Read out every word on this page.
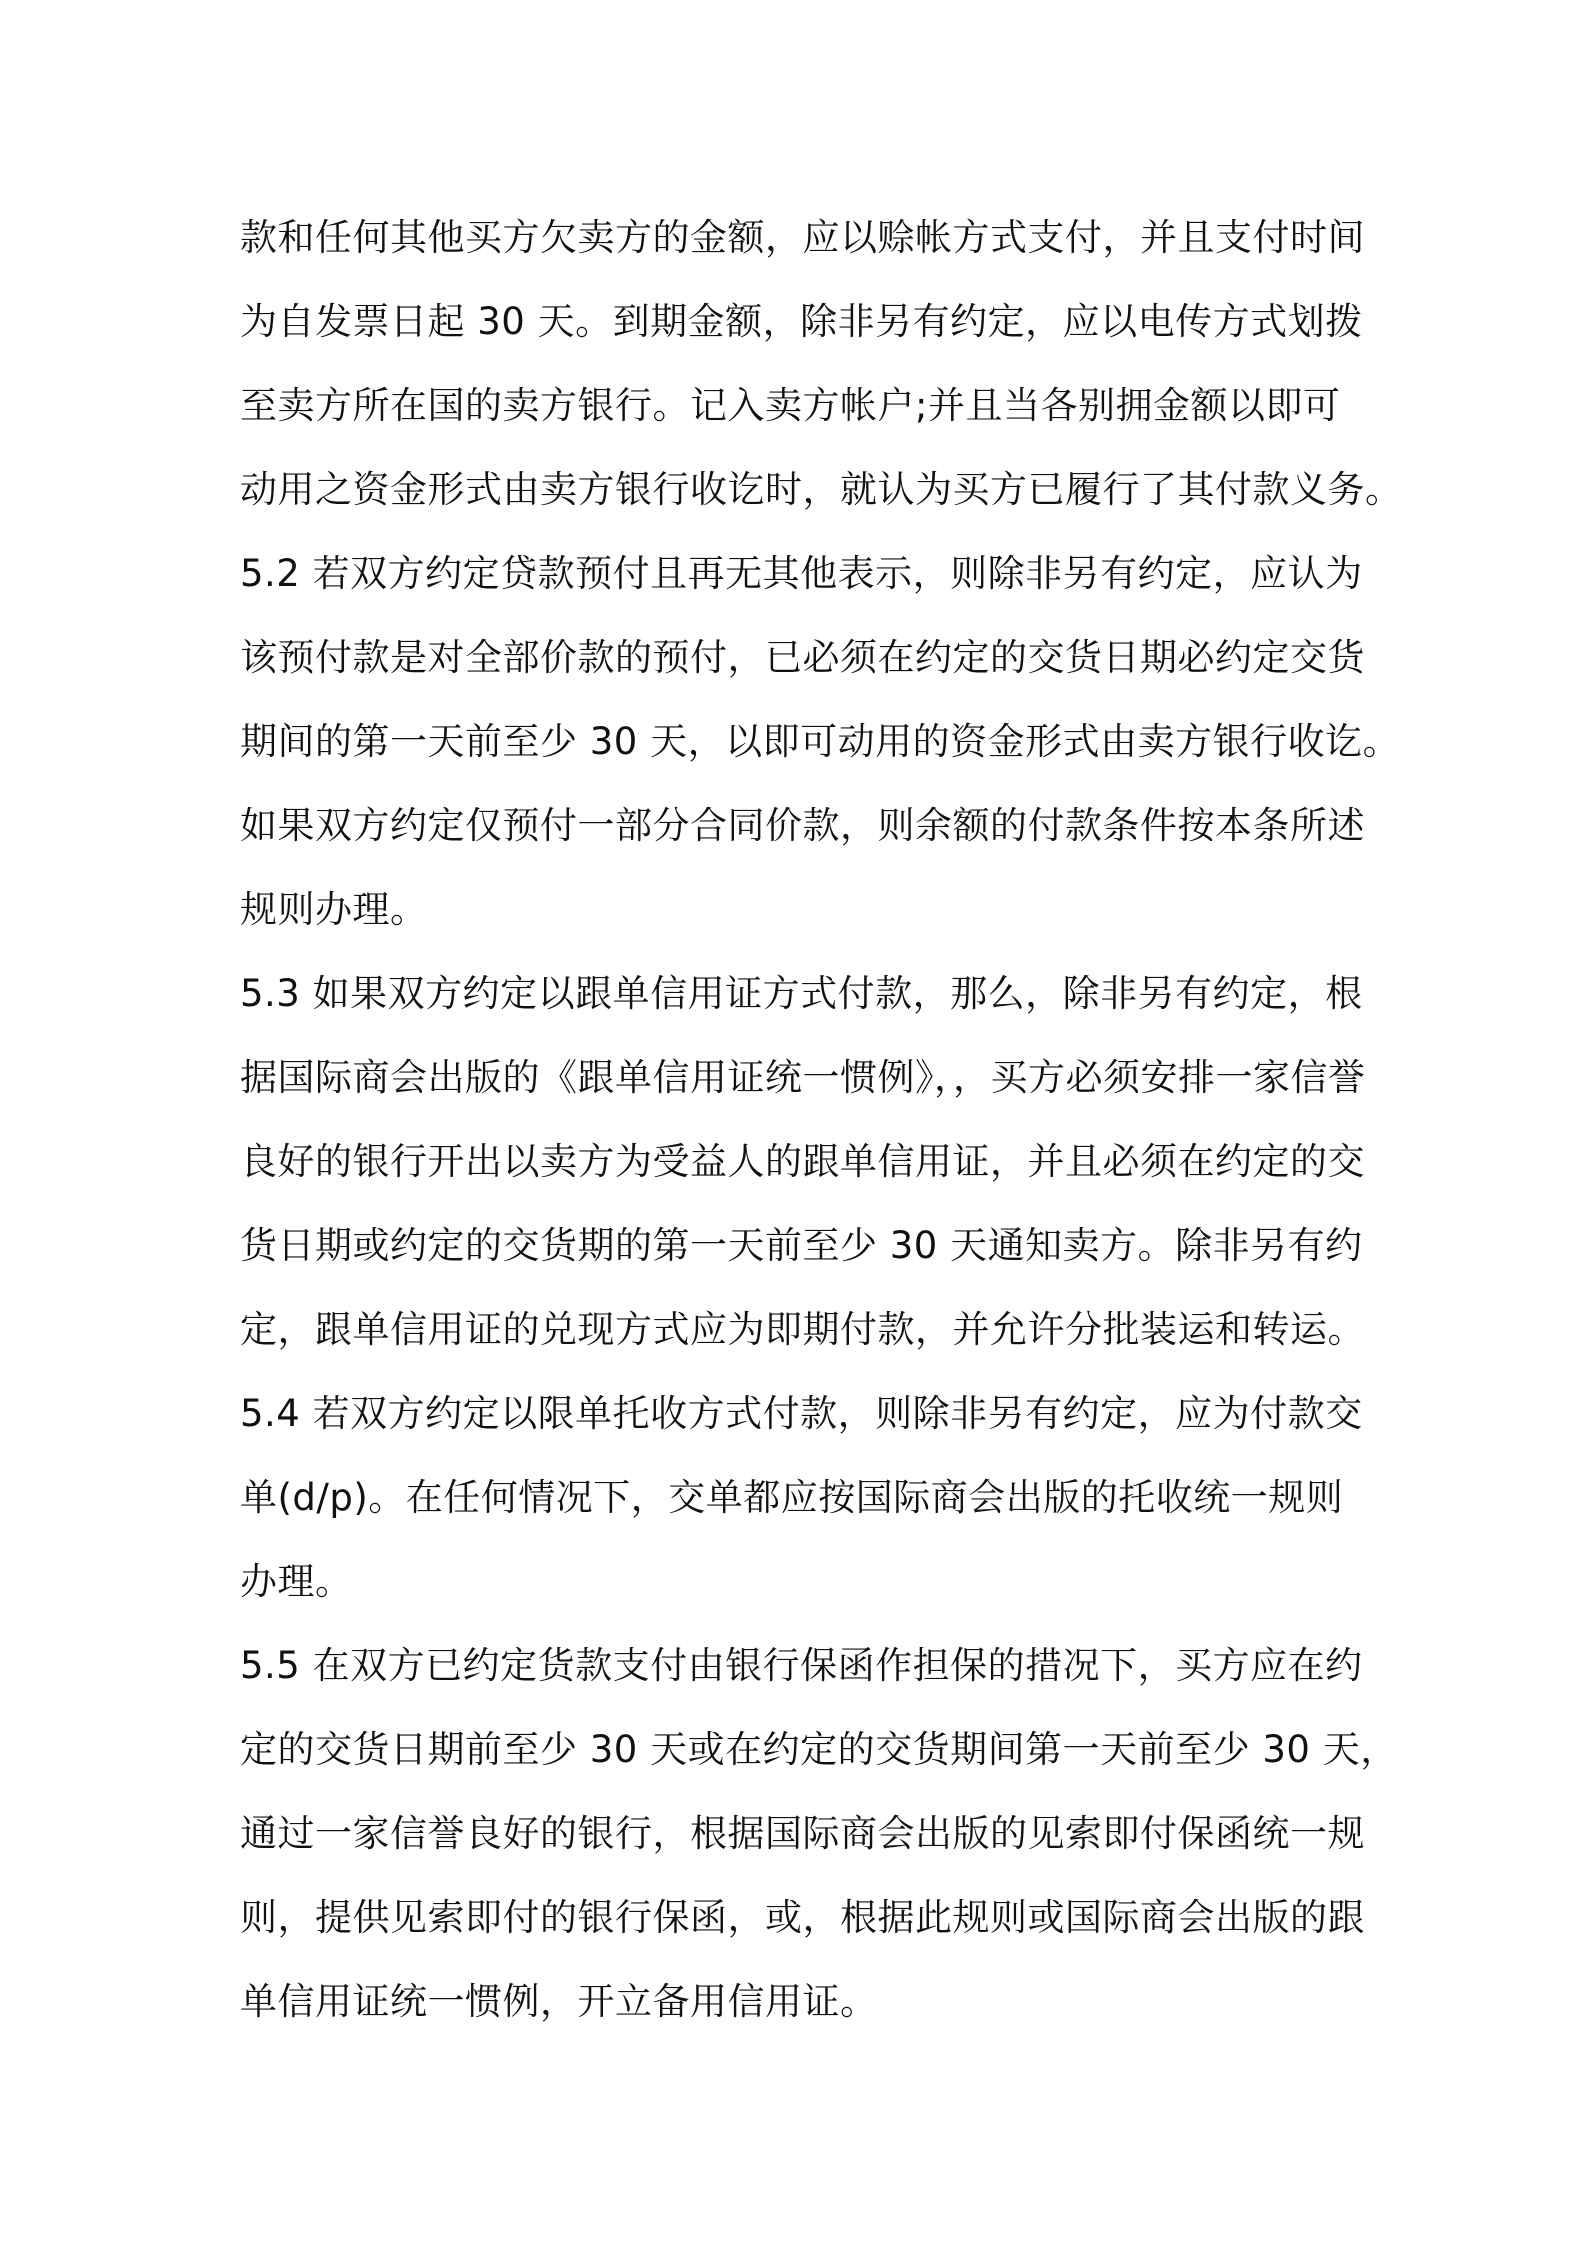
款和任何其他买方欠卖方的金额，应以赊帐方式支付，并且支付时间
为自发票日起 30 天。到期金额，除非另有约定，应以电传方式划拨
至卖方所在国的卖方银行。记入卖方帐户;并且当各别拥金额以即可
动用之资金形式由卖方银行收讫时，就认为买方已履行了其付款义务。
5.2 若双方约定贷款预付且再无其他表示，则除非另有约定，应认为
该预付款是对全部价款的预付，已必须在约定的交货日期必约定交货
期间的第一天前至少 30 天，以即可动用的资金形式由卖方银行收讫。
如果双方约定仅预付一部分合同价款，则余额的付款条件按本条所述
规则办理。
5.3 如果双方约定以跟单信用证方式付款，那么，除非另有约定，根
据国际商会出版的《跟单信用证统一惯例》，，买方必须安排一家信誉
良好的银行开出以卖方为受益人的跟单信用证，并且必须在约定的交
货日期或约定的交货期的第一天前至少 30 天通知卖方。除非另有约
定，跟单信用证的兑现方式应为即期付款，并允许分批装运和转运。
5.4 若双方约定以限单托收方式付款，则除非另有约定，应为付款交
单(d/p)。在任何情况下，交单都应按国际商会出版的托收统一规则
办理。
5.5 在双方已约定货款支付由银行保函作担保的措况下，买方应在约
定的交货日期前至少 30 天或在约定的交货期间第一天前至少 30 天，
通过一家信誉良好的银行，根据国际商会出版的见索即付保函统一规
则，提供见索即付的银行保函，或，根据此规则或国际商会出版的跟
单信用证统一惯例，开立备用信用证。
